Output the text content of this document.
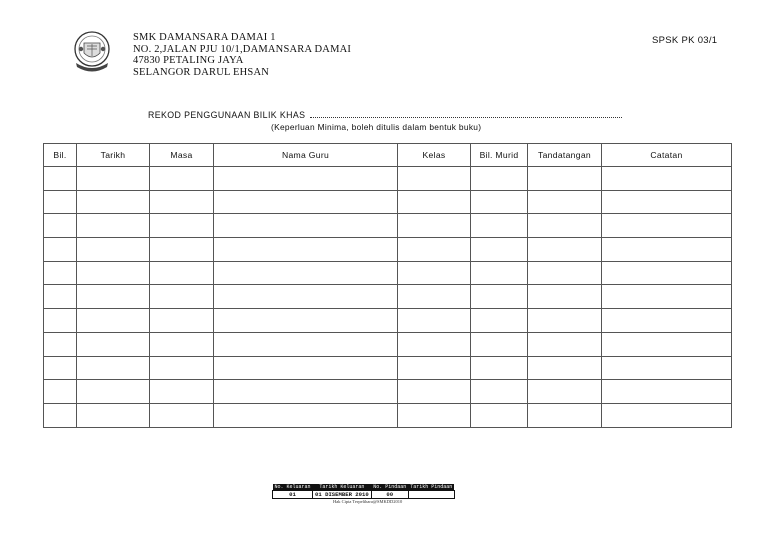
SMK DAMANSARA DAMAI 1
NO. 2,JALAN PJU 10/1,DAMANSARA DAMAI
47830 PETALING JAYA
SELANGOR DARUL EHSAN
SPSK PK 03/1
REKOD PENGGUNAAN BILIK KHAS
(Keperluan Minima, boleh ditulis dalam bentuk buku)
Bil.	Tarikh	Masa	Nama Guru	Kelas	Bil. Murid	Tandatangan	Catatan

No. Keluaran	Tarikh Keluaran	No. Pindaan	Tarikh Pindaan
01	01 DISEMBER 2010	00	
Hak Cipta Terpelihara@SMKDD2010
